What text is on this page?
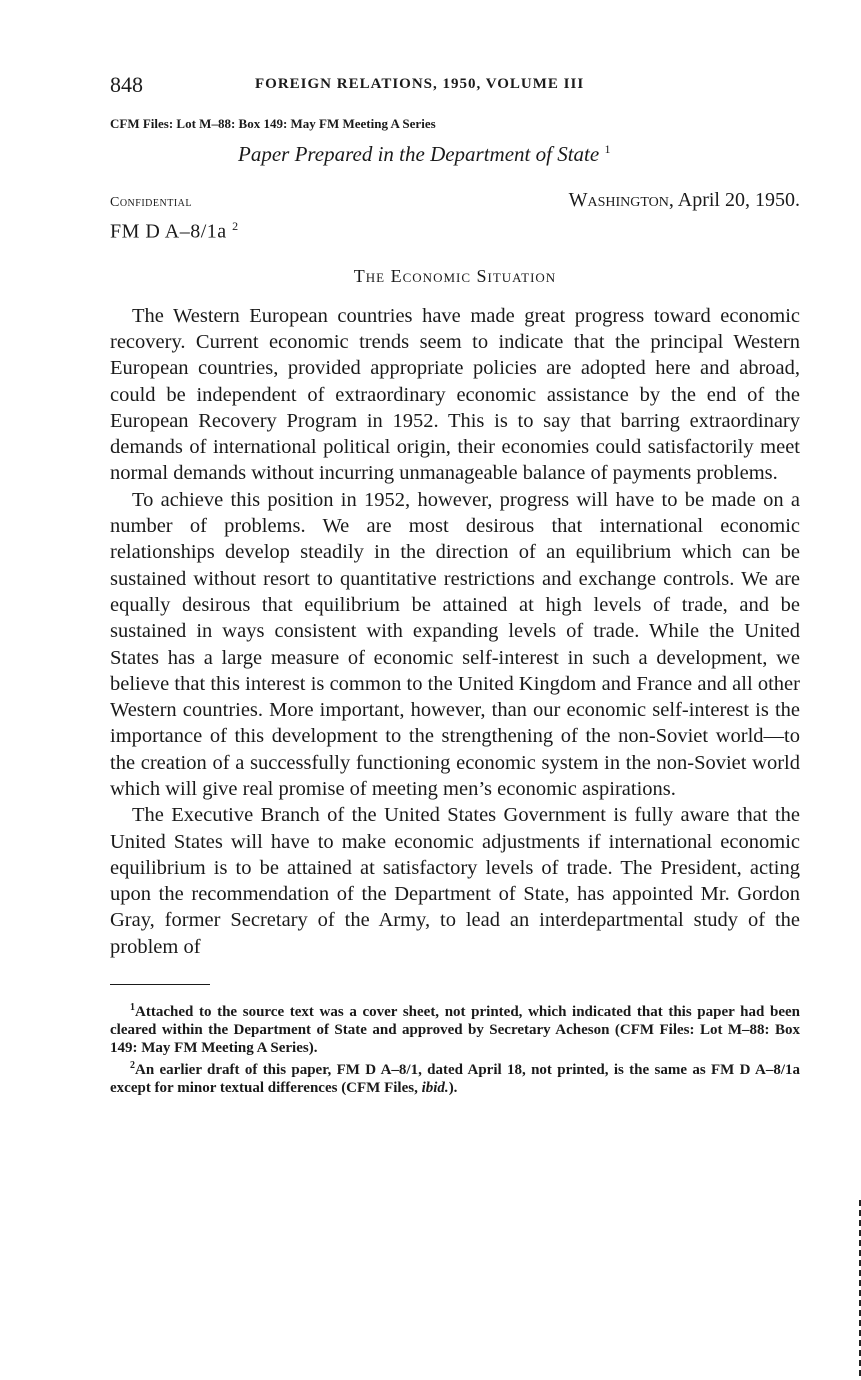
848	FOREIGN RELATIONS, 1950, VOLUME III
CFM Files: Lot M–88: Box 149: May FM Meeting A Series
Paper Prepared in the Department of State $^1$
Confidential	Washington, April 20, 1950.
FM D A–8/1a $^2$
The Economic Situation

The Western European countries have made great progress toward economic recovery. Current economic trends seem to indicate that the principal Western European countries, provided appropriate policies are adopted here and abroad, could be independent of extraordinary economic assistance by the end of the European Recovery Program in 1952. This is to say that barring extraordinary demands of international political origin, their economies could satisfactorily meet normal demands without incurring unmanageable balance of payments problems.

To achieve this position in 1952, however, progress will have to be made on a number of problems. We are most desirous that international economic relationships develop steadily in the direction of an equilibrium which can be sustained without resort to quantitative restrictions and exchange controls. We are equally desirous that equilibrium be attained at high levels of trade, and be sustained in ways consistent with expanding levels of trade. While the United States has a large measure of economic self-interest in such a development, we believe that this interest is common to the United Kingdom and France and all other Western countries. More important, however, than our economic self-interest is the importance of this development to the strengthening of the non-Soviet world—to the creation of a successfully functioning economic system in the non-Soviet world which will give real promise of meeting men’s economic aspirations.

The Executive Branch of the United States Government is fully aware that the United States will have to make economic adjustments if international economic equilibrium is to be attained at satisfactory levels of trade. The President, acting upon the recommendation of the Department of State, has appointed Mr. Gordon Gray, former Secretary of the Army, to lead an interdepartmental study of the problem of

$^1$Attached to the source text was a cover sheet, not printed, which indicated that this paper had been cleared within the Department of State and approved by Secretary Acheson (CFM Files: Lot M–88: Box 149: May FM Meeting A Series).

$^2$An earlier draft of this paper, FM D A–8/1, dated April 18, not printed, is the same as FM D A–8/1a except for minor textual differences (CFM Files, ibid.).
